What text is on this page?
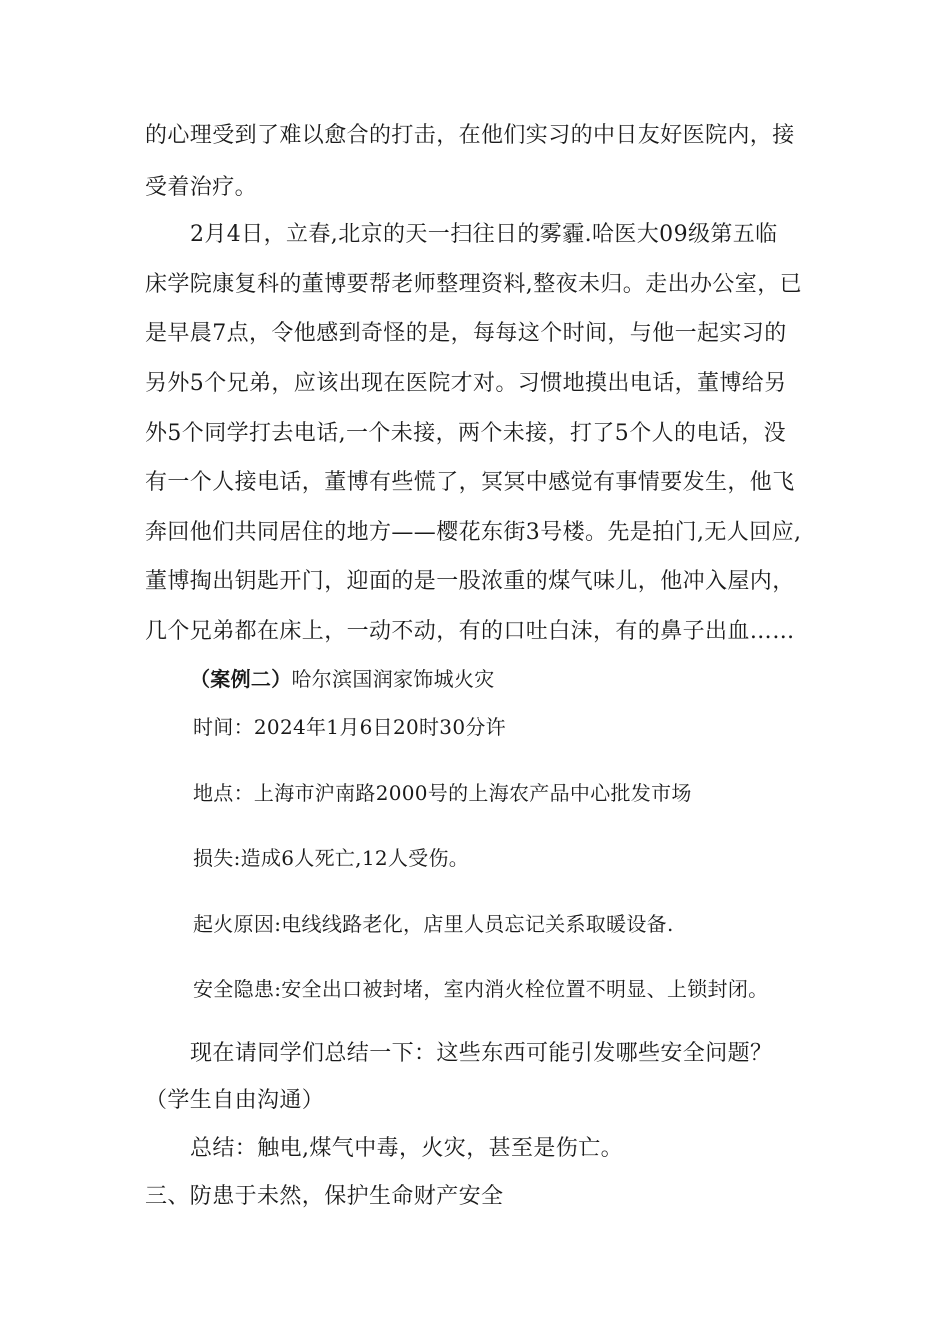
的心理受到了难以愈合的打击，在他们实习的中日友好医院内，接
受着治疗。
2月4日，立春,北京的天一扫往日的雾霾.哈医大09级第五临
床学院康复科的董博要帮老师整理资料,整夜未归。走出办公室，已
是早晨7点，令他感到奇怪的是，每每这个时间，与他一起实习的
另外5个兄弟，应该出现在医院才对。习惯地摸出电话，董博给另
外5个同学打去电话,一个未接，两个未接，打了5个人的电话，没
有一个人接电话，董博有些慌了，冥冥中感觉有事情要发生，他飞
奔回他们共同居住的地方——樱花东街3号楼。先是拍门,无人回应,
董博掏出钥匙开门，迎面的是一股浓重的煤气味儿，他冲入屋内，
几个兄弟都在床上，一动不动，有的口吐白沫，有的鼻子出血……
（案例二）哈尔滨国润家饰城火灾
时间：2024年1月6日20时30分许
地点：上海市沪南路2000号的上海农产品中心批发市场
损失:造成6人死亡,12人受伤。
起火原因:电线线路老化，店里人员忘记关系取暖设备.
安全隐患:安全出口被封堵，室内消火栓位置不明显、上锁封闭。
现在请同学们总结一下：这些东西可能引发哪些安全问题？
（学生自由沟通）
总结：触电,煤气中毒，火灾，甚至是伤亡。
三、防患于未然，保护生命财产安全
